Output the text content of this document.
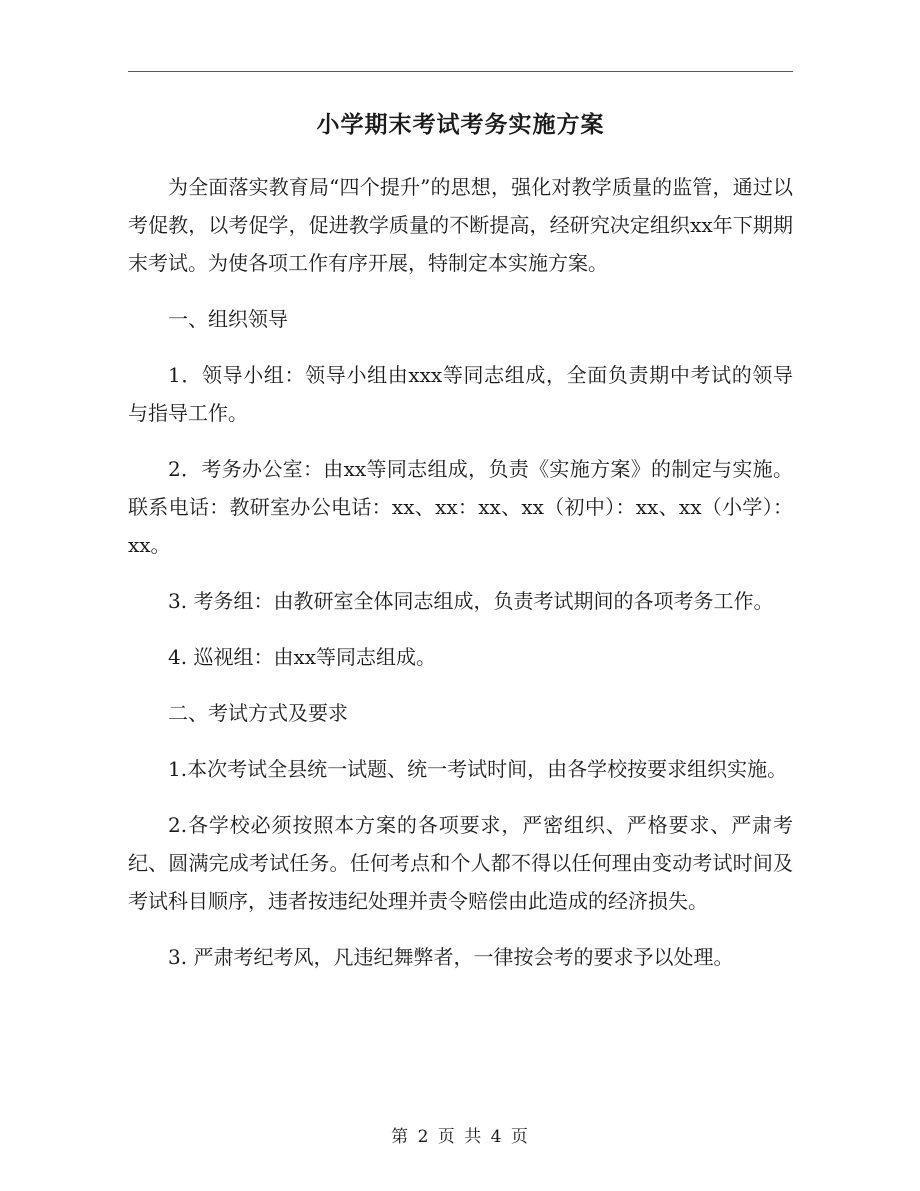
小学期末考试考务实施方案

为全面落实教育局“四个提升”的思想，强化对教学质量的监管，通过以考促教，以考促学，促进教学质量的不断提高，经研究决定组织xx年下期期末考试。为使各项工作有序开展，特制定本实施方案。

一、组织领导

1．领导小组：领导小组由xxx等同志组成，全面负责期中考试的领导与指导工作。

2．考务办公室：由xx等同志组成，负责《实施方案》的制定与实施。联系电话：教研室办公电话：xx、xx：xx、xx（初中）：xx、xx（小学）：xx。

3. 考务组：由教研室全体同志组成，负责考试期间的各项考务工作。

4. 巡视组：由xx等同志组成。

二、考试方式及要求

1.本次考试全县统一试题、统一考试时间，由各学校按要求组织实施。

2.各学校必须按照本方案的各项要求，严密组织、严格要求、严肃考纪、圆满完成考试任务。任何考点和个人都不得以任何理由变动考试时间及考试科目顺序，违者按违纪处理并责令赔偿由此造成的经济损失。

3. 严肃考纪考风，凡违纪舞弊者，一律按会考的要求予以处理。

第 2 页 共 4 页
